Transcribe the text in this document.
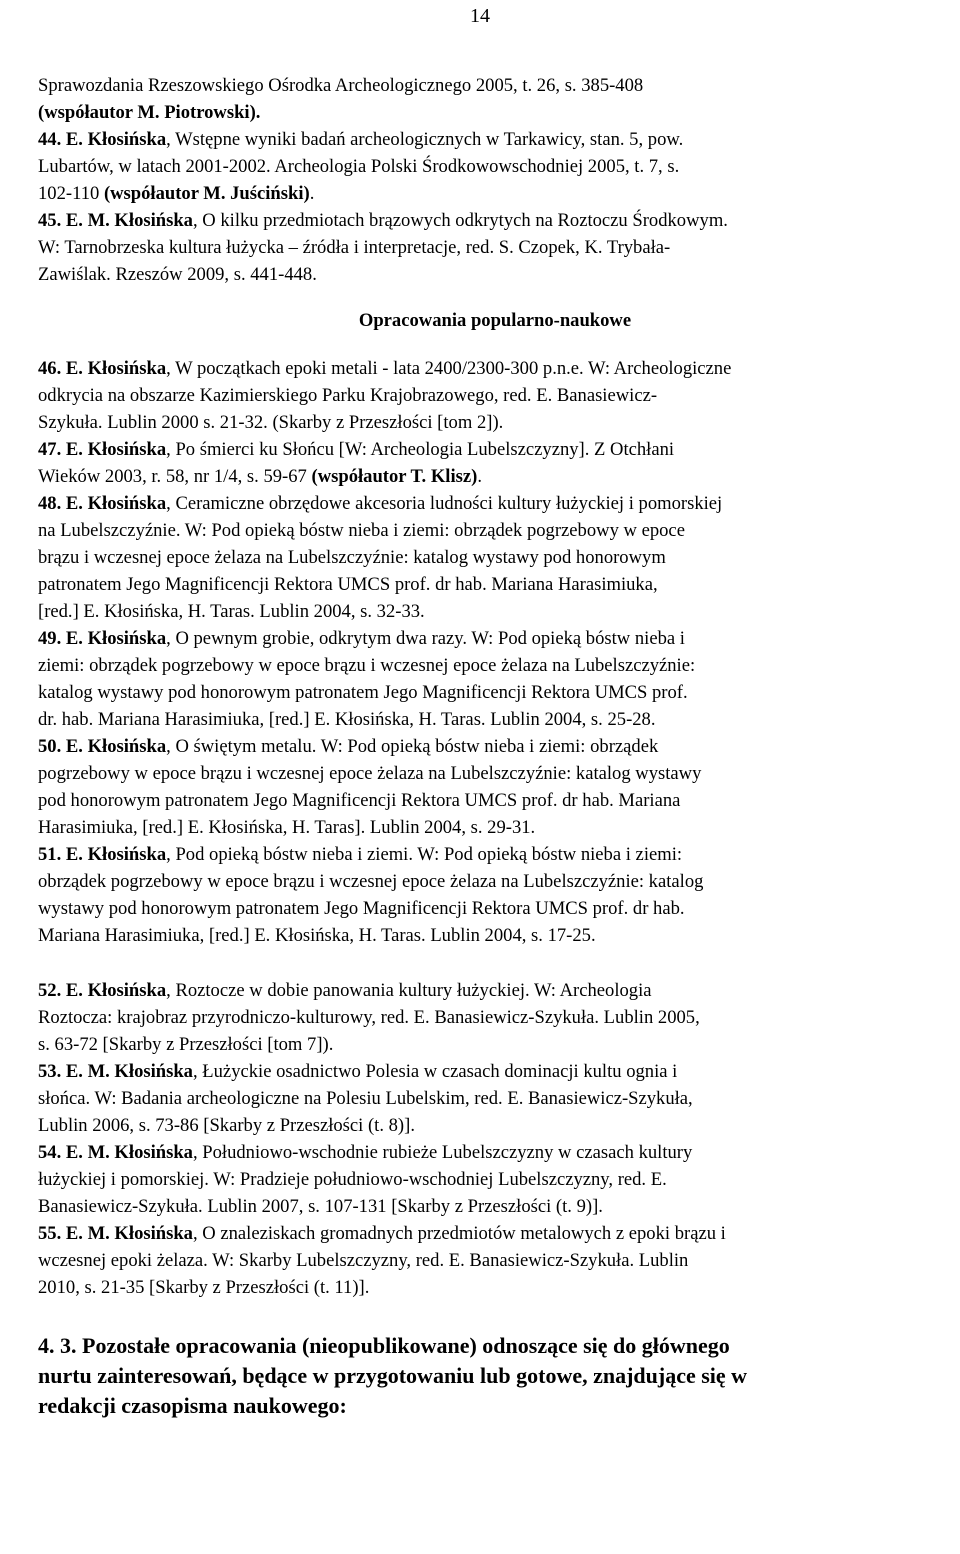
14
Sprawozdania Rzeszowskiego Ośrodka Archeologicznego 2005, t. 26, s. 385-408
(współautor M. Piotrowski).
44. E. Kłosińska, Wstępne wyniki badań archeologicznych w Tarkawicy, stan. 5, pow.
Lubartów, w latach 2001-2002. Archeologia Polski Środkowowschodniej 2005, t. 7, s.
102-110 (współautor M. Juściński).
45. E. M. Kłosińska, O kilku przedmiotach brązowych odkrytych na Roztoczu Środkowym.
W: Tarnobrzeska kultura łużycka – źródła i interpretacje, red. S. Czopek, K. Trybała-
Zawiślak. Rzeszów 2009, s. 441-448.
Opracowania popularno-naukowe
46. E. Kłosińska, W początkach epoki metali - lata 2400/2300-300 p.n.e. W: Archeologiczne
odkrycia na obszarze Kazimierskiego Parku Krajobrazowego, red. E. Banasiewicz-
Szykuła. Lublin 2000 s. 21-32. (Skarby z Przeszłości [tom 2]).
47. E. Kłosińska, Po śmierci ku Słońcu [W: Archeologia Lubelszczyzny]. Z Otchłani
Wieków 2003, r. 58, nr 1/4, s. 59-67 (współautor T. Klisz).
48. E. Kłosińska, Ceramiczne obrzędowe akcesoria ludności kultury łużyckiej i pomorskiej
na Lubelszczyźnie. W: Pod opieką bóstw nieba i ziemi: obrządek pogrzebowy w epoce
brązu i wczesnej epoce żelaza na Lubelszczyźnie: katalog wystawy pod honorowym
patronatem Jego Magnificencji Rektora UMCS prof. dr hab. Mariana Harasimiuka,
[red.] E. Kłosińska, H. Taras. Lublin 2004, s. 32-33.
49. E. Kłosińska, O pewnym grobie, odkrytym dwa razy. W: Pod opieką bóstw nieba i
ziemi: obrządek pogrzebowy w epoce brązu i wczesnej epoce żelaza na Lubelszczyźnie:
katalog wystawy pod honorowym patronatem Jego Magnificencji Rektora UMCS prof.
dr. hab. Mariana Harasimiuka, [red.] E. Kłosińska, H. Taras. Lublin 2004, s. 25-28.
50. E. Kłosińska, O świętym metalu. W: Pod opieką bóstw nieba i ziemi: obrządek
pogrzebowy w epoce brązu i wczesnej epoce żelaza na Lubelszczyźnie: katalog wystawy
pod honorowym patronatem Jego Magnificencji Rektora UMCS prof. dr hab. Mariana
Harasimiuka, [red.] E. Kłosińska, H. Taras]. Lublin 2004, s. 29-31.
51. E. Kłosińska, Pod opieką bóstw nieba i ziemi. W: Pod opieką bóstw nieba i ziemi:
obrządek pogrzebowy w epoce brązu i wczesnej epoce żelaza na Lubelszczyźnie: katalog
wystawy pod honorowym patronatem Jego Magnificencji Rektora UMCS prof. dr hab.
Mariana Harasimiuka, [red.] E. Kłosińska, H. Taras. Lublin 2004, s. 17-25.
52. E. Kłosińska, Roztocze w dobie panowania kultury łużyckiej. W: Archeologia
Roztocza: krajobraz przyrodniczo-kulturowy, red. E. Banasiewicz-Szykuła. Lublin 2005,
s. 63-72 [Skarby z Przeszłości [tom 7]).
53. E. M. Kłosińska, Łużyckie osadnictwo Polesia w czasach dominacji kultu ognia i
słońca. W: Badania archeologiczne na Polesiu Lubelskim, red. E. Banasiewicz-Szykuła,
Lublin 2006, s. 73-86 [Skarby z Przeszłości (t. 8)].
54. E. M. Kłosińska, Południowo-wschodnie rubieże Lubelszczyzny w czasach kultury
łużyckiej i pomorskiej. W: Pradzieje południowo-wschodniej Lubelszczyzny, red. E.
Banasiewicz-Szykuła. Lublin 2007, s. 107-131 [Skarby z Przeszłości (t. 9)].
55. E. M. Kłosińska, O znaleziskach gromadnych przedmiotów metalowych z epoki brązu i
wczesnej epoki żelaza. W: Skarby Lubelszczyzny, red. E. Banasiewicz-Szykuła. Lublin
2010, s. 21-35 [Skarby z Przeszłości (t. 11)].
4. 3. Pozostałe opracowania (nieopublikowane) odnoszące się do głównego
nurtu zainteresowań, będące w przygotowaniu lub gotowe, znajdujące się w
redakcji czasopisma naukowego:
